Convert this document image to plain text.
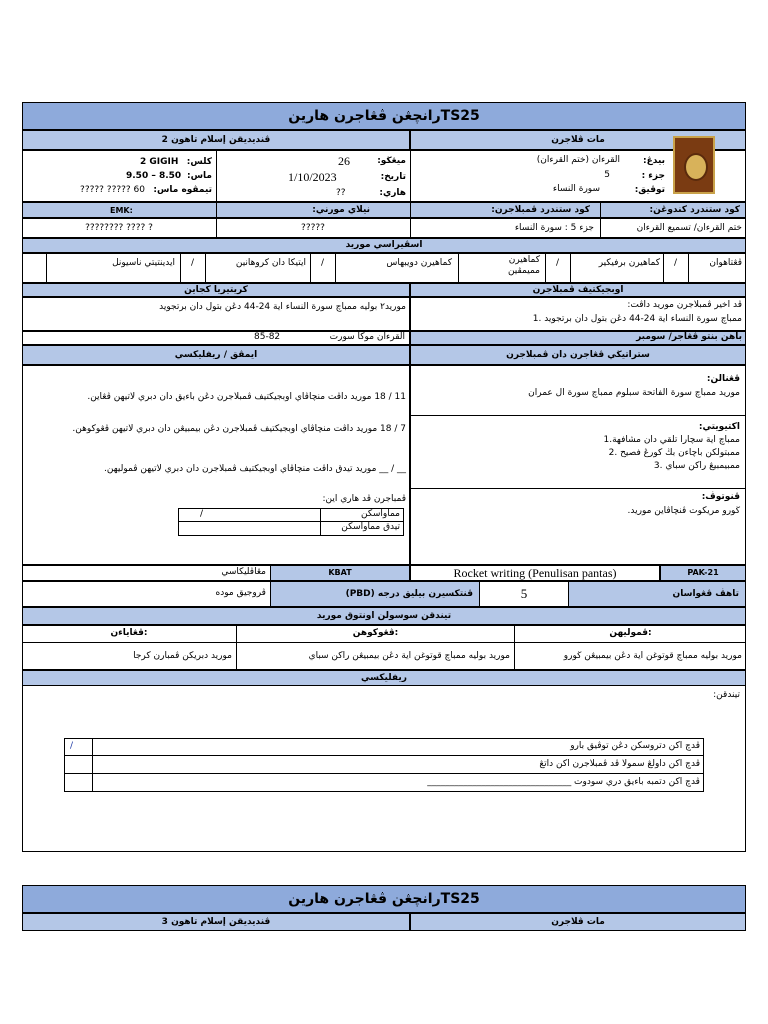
رانچڠن ڤڠاجرن هارينTS25
مات ڤلاجرن
ڤنديديقن إسلام تاهون 2
بيدڠ:
القرءان (ختم القرءان)
جزء :
5
توڤيق:
سورة النساء
ميڠڬو:
26
تاريخ:
1/10/2023
هاري:
??
كلس:
2 GIGIH
ماس:
9.50 – 8.50
تيمڤوه ماس:
60 ????? ?????
كود ستندرد كندوڠن:
كود ستندرد ڤمبلاجرن:
نيلاي مورني:
EMK:
ختم القرءان/ تسميع القرءان
جزء 5 : سورة النساء
?????
???????? ???? ?
اسڤيراسي موريد
ڤڠتاهوان
/
كماهيرن برفيكير
/
كماهيرن مميمڤين
كماهيرن دويبهاس
/
ايتيكا دان كروهانين
/
ايدينتيتي ناسيونل
اوبجيكتيف ڤمبلاجرن
كريتيريا كجاين
ڤد اخير ڤمبلاجرن موريد داڤت:
ممباچ سورة النساء اية 24-44 دڠن بتول دان برتجويد .1
موريد٢ بوليه ممباچ سورة النساء اية 24-44 دڠن بتول دان برتجويد
باهن بنتو ڤڠاجر/ سومبر
القرءان موكا سورت
85-82
ستراتيڬي ڤڠاجرن دان ڤمبلاجرن
ايمڤق / ريفليكسي
ڤڠنالن:
موريد ممباچ سورة الفاتحة سبلوم ممباچ سورة ال عمران
اكتيويتي:
ممباچ اية سچارا تلقي دان مشافهة.1
ممبتولكن باچاءن بڬ كورڠ فصيح .2
ممبيمبيڠ راكن سباي .3
ڤنوتوڤ:
ڬورو مريكوت ڤنچاڤاين موريد.
11 / 18 موريد داڤت منچاڤاي اوبجيكتيف ڤمبلاجرن دڠن باءيق دان دبري لاتيهن ڤڠاين.
7 / 18 موريد داڤت منچاڤاي اوبجيكتيف ڤمبلاجرن دڠن بيمبيڠن دان دبري لاتيهن ڤڠوكوهن.
__ / __ موريد تيدق داڤت منچاڤاي اوبجيكتيف ڤمبلاجرن دان دبري لاتيهن ڤموليهن.
ڤمباجرن ڤد هاري اين:
مماواسكن
/
تيدق مماواسكن
PAK-21
Rocket writing (Penulisan pantas)
KBAT
مڠاڤليكاسي
تاهڤ ڤڠواسان
5
ڤنتكسيرن بيليق درجه (PBD)
ڤروجيق موده
تيندقن سوسولن اونتوق موريد
ڤموليهن:
ڤڠوكوهن:
ڤڠاياءن:
موريد بوليه ممباچ قوتوغن اية دڠن بيمبيڠن ڬورو
موريد بوليه ممباچ قوتوغن اية دڠن بيمبيڠن راكن سباي
موريد دبريكن ڤمبارن كرجا
ريفليكسي
تيندقن:
/	ڤدچ اكن دتروسكن دڠن توڤيق بارو
ڤدچ اكن داولڠ سمولا ڤد ڤمبلاجرن اكن داتڠ
ڤدچ اكن دتمبه باءيق دري سودوت ________________________________
رانچڠن ڤڠاجرن هارينTS25
مات ڤلاجرن
ڤنديديقن إسلام تاهون 3
